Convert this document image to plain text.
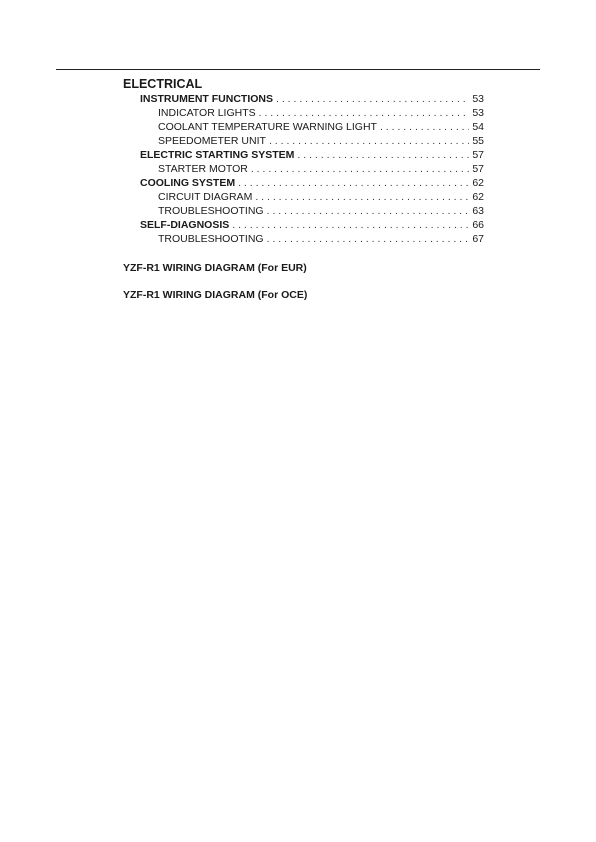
ELECTRICAL
INSTRUMENT FUNCTIONS . . .	53
INDICATOR LIGHTS . . .	53
COOLANT TEMPERATURE WARNING LIGHT . . .	54
SPEEDOMETER UNIT . . .	55
ELECTRIC STARTING SYSTEM . . .	57
STARTER MOTOR . . .	57
COOLING SYSTEM . . .	62
CIRCUIT DIAGRAM . . .	62
TROUBLESHOOTING . . .	63
SELF-DIAGNOSIS . . .	66
TROUBLESHOOTING . . .	67
YZF-R1 WIRING DIAGRAM (For EUR)
YZF-R1 WIRING DIAGRAM (For OCE)
